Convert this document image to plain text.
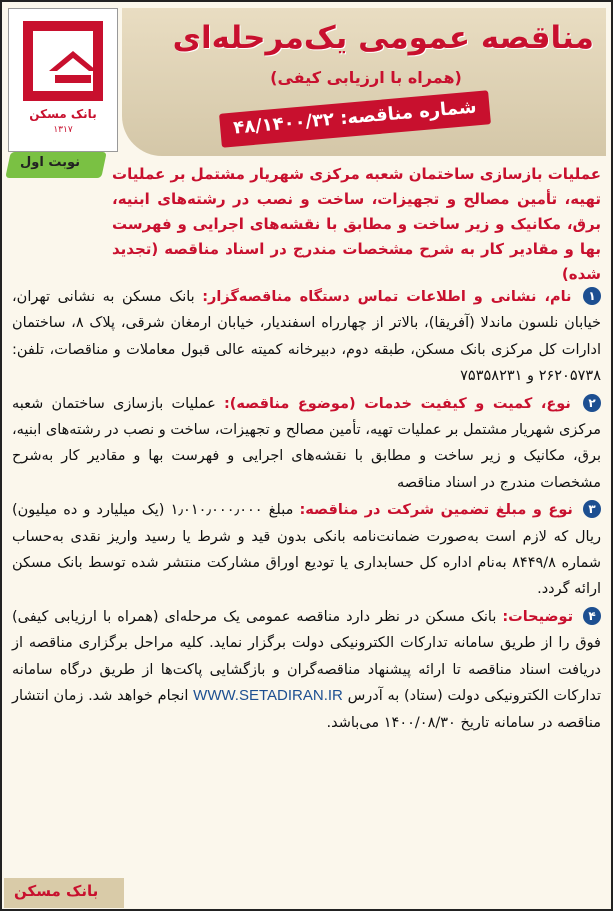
بانک مسکن
۱۳۱۷
نوبت اول
مناقصه عمومی یک‌مرحله‌ای
(همراه با ارزیابی کیفی)
شماره مناقصه: ۴۸/۱۴۰۰/۳۲
عملیات بازسازی ساختمان شعبه مرکزی شهریار مشتمل بر عملیات تهیه، تأمین مصالح و تجهیزات، ساخت و نصب در رشته‌های ابنیه، برق، مکانیک و زیر ساخت و مطابق با نقشه‌های اجرایی و فهرست بها و مقادیر کار به شرح مشخصات مندرج در اسناد مناقصه (تجدید شده)
۱ نام، نشانی و اطلاعات تماس دستگاه مناقصه‌گزار: بانک مسکن به نشانی تهران، خیابان نلسون ماندلا (آفریقا)، بالاتر از چهارراه اسفندیار، خیابان ارمغان شرقی، پلاک ۸، ساختمان ادارات کل مرکزی بانک مسکن، طبقه دوم، دبیرخانه کمیته عالی قبول معاملات و مناقصات، تلفن: ۲۶۲۰۵۷۳۸ و ۷۵۳۵۸۲۳۱
۲ نوع، کمیت و کیفیت خدمات (موضوع مناقصه): عملیات بازسازی ساختمان شعبه مرکزی شهریار مشتمل بر عملیات تهیه، تأمین مصالح و تجهیزات، ساخت و نصب در رشته‌های ابنیه، برق، مکانیک و زیر ساخت و مطابق با نقشه‌های اجرایی و فهرست بها و مقادیر کار به‌شرح مشخصات مندرج در اسناد مناقصه
۳ نوع و مبلغ تضمین شرکت در مناقصه: مبلغ ۱٫۰۱۰٫۰۰۰٫۰۰۰ (یک میلیارد و ده میلیون) ریال که لازم است به‌صورت ضمانت‌نامه بانکی بدون قید و شرط یا رسید واریز نقدی به‌حساب شماره ۸۴۴۹/۸ به‌نام اداره کل حسابداری یا تودیع اوراق مشارکت منتشر شده توسط بانک مسکن ارائه گردد.
۴ توضیحات: بانک مسکن در نظر دارد مناقصه عمومی یک مرحله‌ای (همراه با ارزیابی کیفی) فوق را از طریق سامانه تدارکات الکترونیکی دولت برگزار نماید. کلیه مراحل برگزاری مناقصه از دریافت اسناد مناقصه تا ارائه پیشنهاد مناقصه‌گران و بازگشایی پاکت‌ها از طریق درگاه سامانه تدارکات الکترونیکی دولت (ستاد) به آدرس WWW.SETADIRAN.IR انجام خواهد شد. زمان انتشار مناقصه در سامانه تاریخ ۱۴۰۰/۰۸/۳۰ می‌باشد.
بانک مسکن
